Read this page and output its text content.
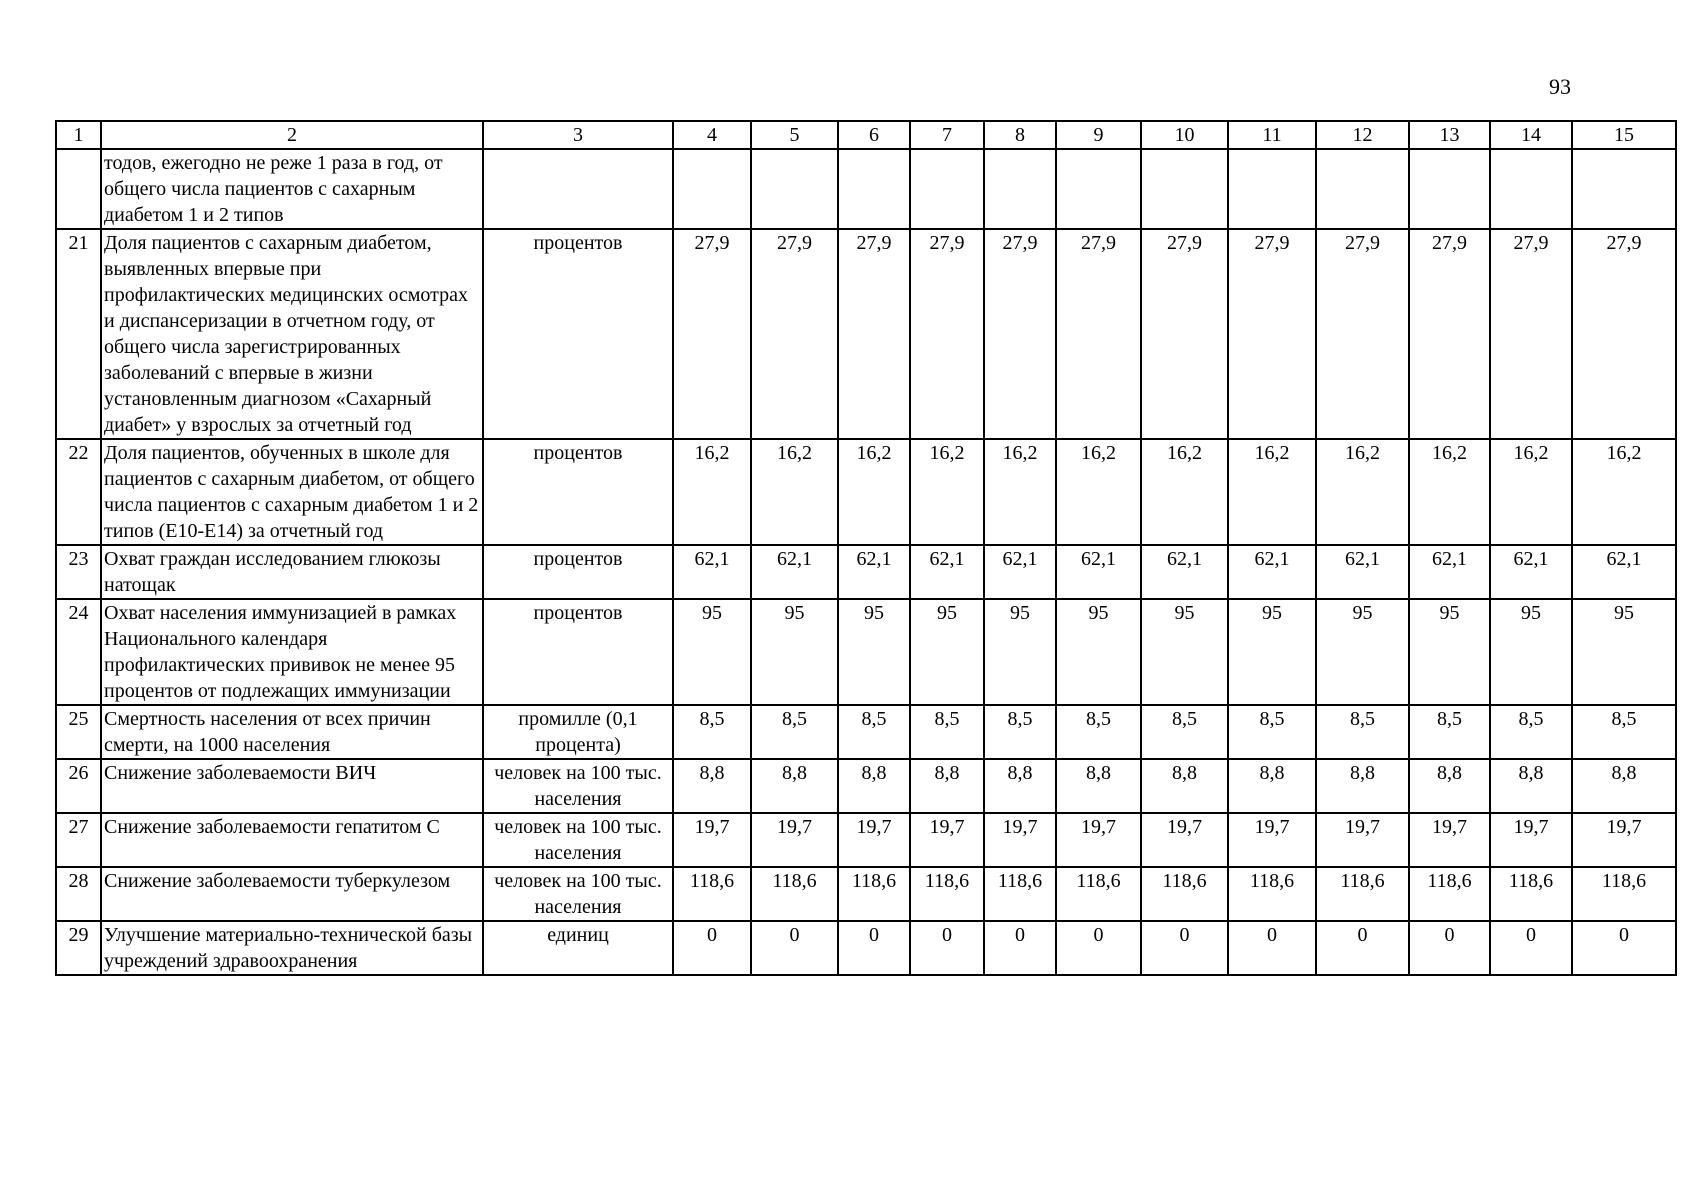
93
1	2	3	4	5	6	7	8	9	10	11	12	13	14	15
	тодов, ежегодно не реже 1 раза в год, от общего числа пациентов с сахарным диабетом 1 и 2 типов													
21	Доля пациентов с сахарным диабетом, выявленных впервые при профилактических медицинских осмотрах и диспансеризации в отчетном году, от общего числа зарегистрированных заболеваний с впервые в жизни установленным диагнозом «Сахарный диабет» у взрослых за отчетный год	процентов	27,9	27,9	27,9	27,9	27,9	27,9	27,9	27,9	27,9	27,9	27,9	27,9
22	Доля пациентов, обученных в школе для пациентов с сахарным диабетом, от общего числа пациентов с сахарным диабетом 1 и 2 типов (Е10-Е14) за отчетный год	процентов	16,2	16,2	16,2	16,2	16,2	16,2	16,2	16,2	16,2	16,2	16,2	16,2
23	Охват граждан исследованием глюкозы натощак	процентов	62,1	62,1	62,1	62,1	62,1	62,1	62,1	62,1	62,1	62,1	62,1	62,1
24	Охват населения иммунизацией в рамках Национального календаря профилактических прививок не менее 95 процентов от подлежащих иммунизации	процентов	95	95	95	95	95	95	95	95	95	95	95	95
25	Смертность населения от всех причин смерти, на 1000 населения	промилле (0,1 процента)	8,5	8,5	8,5	8,5	8,5	8,5	8,5	8,5	8,5	8,5	8,5	8,5
26	Снижение заболеваемости ВИЧ	человек на 100 тыс. населения	8,8	8,8	8,8	8,8	8,8	8,8	8,8	8,8	8,8	8,8	8,8	8,8
27	Снижение заболеваемости гепатитом С	человек на 100 тыс. населения	19,7	19,7	19,7	19,7	19,7	19,7	19,7	19,7	19,7	19,7	19,7	19,7
28	Снижение заболеваемости туберкулезом	человек на 100 тыс. населения	118,6	118,6	118,6	118,6	118,6	118,6	118,6	118,6	118,6	118,6	118,6	118,6
29	Улучшение материально-технической базы учреждений здравоохранения	единиц	0	0	0	0	0	0	0	0	0	0	0	0
